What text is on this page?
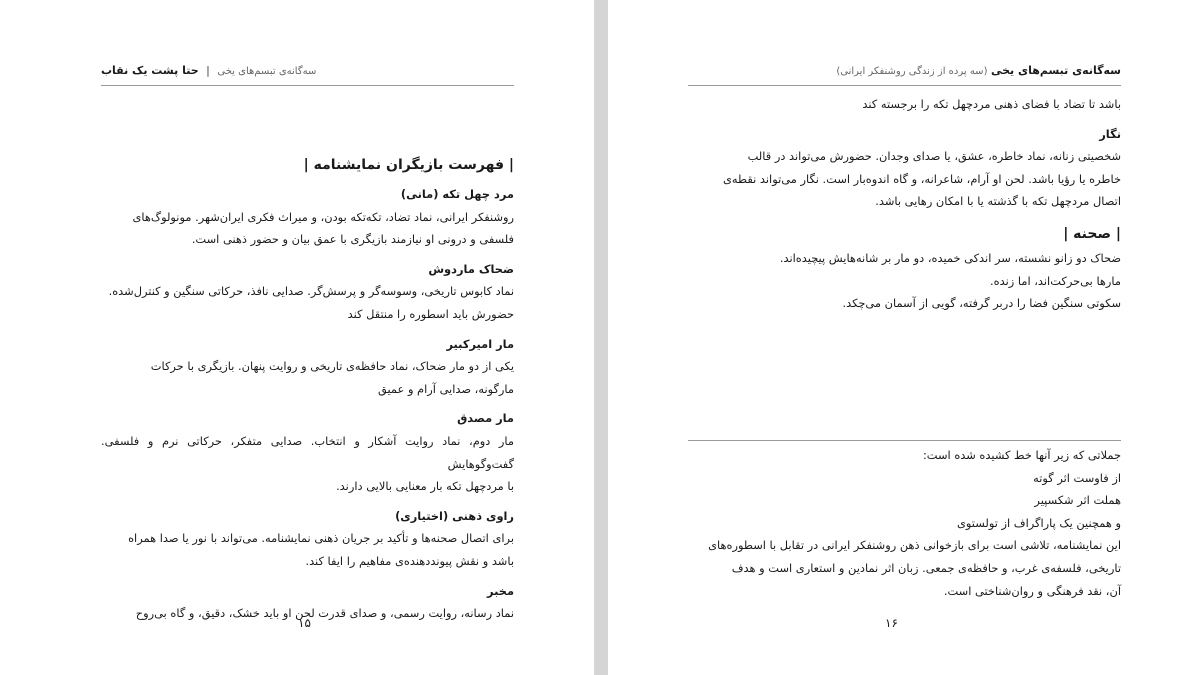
سه‌گانه‌ی تبسم‌های یخی | حتا پشت یک نقاب

| فهرست بازیگران نمایشنامه |

مرد چهل تکه (مانی)

روشنفکر ایرانی، نماد تضاد، تکه‌تکه بودن، و میراث فکری ایران‌شهر. مونولوگ‌های

فلسفی و درونی او نیازمند بازیگری با عمق بیان و حضور ذهنی است.

ضحاک ماردوش

نماد کابوس تاریخی، وسوسه‌گر و پرسش‌گر. صدایی نافذ، حرکاتی سنگین و کنترل‌شده.

حضورش باید اسطوره را منتقل کند

مار امیرکبیر

یکی از دو مار ضحاک، نماد حافظه‌ی تاریخی و روایت پنهان. بازیگری با حرکات

مارگونه، صدایی آرام و عمیق

مار مصدق

مار دوم، نماد روایت آشکار و انتخاب. صدایی متفکر، حرکاتی نرم و فلسفی. گفت‌وگوهایش

با مردچهل تکه بار معنایی بالایی دارند.

راوی ذهنی (اختیاری)

برای اتصال صحنه‌ها و تأکید بر جریان ذهنی نمایشنامه. می‌تواند با نور یا صدا همراه

باشد و نقش پیونددهنده‌ی مفاهیم را ایفا کند.

مخبر

نماد رسانه، روایت رسمی، و صدای قدرت لحن او باید خشک، دقیق، و گاه بی‌روح

۱۵
سه‌گانه‌ی تبسم‌های یخی (سه پرده از زندگی روشنفکر ایرانی)

باشد تا تضاد با فضای ذهنی مردچهل تکه را برجسته کند

نگار

شخصیتی زنانه، نماد خاطره، عشق، یا صدای وجدان. حضورش می‌تواند در قالب

خاطره یا رؤیا باشد. لحن او آرام، شاعرانه، و گاه اندوه‌بار است. نگار می‌تواند نقطه‌ی

اتصال مردچهل تکه با گذشته یا با امکان رهایی باشد.

| صحنه |

ضحاک دو زانو نشسته، سر اندکی خمیده، دو مار بر شانه‌هایش پیچیده‌اند.

مارها بی‌حرکت‌اند، اما زنده.

سکوتی سنگین فضا را دربر گرفته، گویی از آسمان می‌چکد.

جملاتی که زیر آنها خط کشیده شده است:

از فاوست اثر گوته

هملت اثر شکسپیر

و همچنین یک پاراگراف از تولستوی

این نمایشنامه، تلاشی است برای بازخوانی ذهن روشنفکر ایرانی در تقابل با اسطوره‌های

تاریخی، فلسفه‌ی غرب، و حافظه‌ی جمعی. زبان اثر نمادین و استعاری است و هدف

آن، نقد فرهنگی و روان‌شناختی است.

۱۶
